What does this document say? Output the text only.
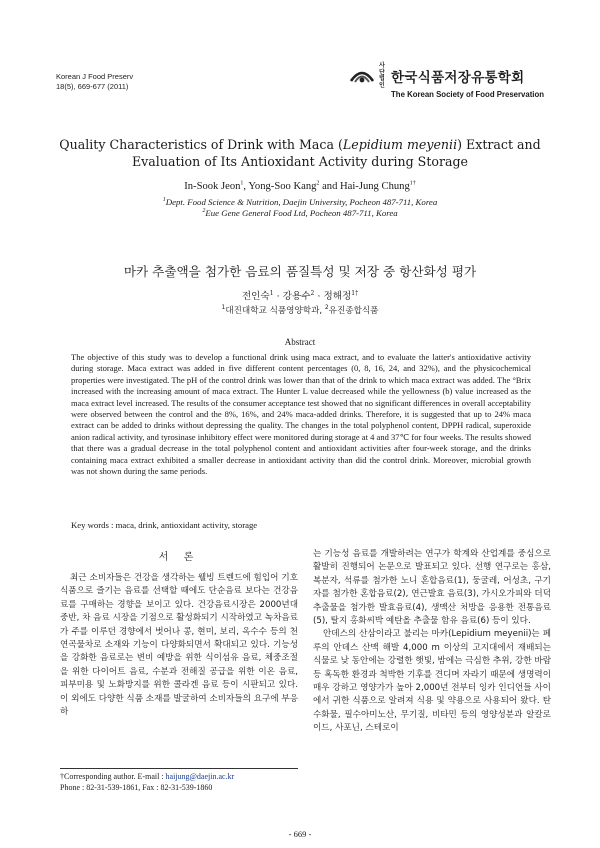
Korean J Food Preserv
18(5), 669-677 (2011)
사단법인
한국식품저장유통학회
The Korean Society of Food Preservation
Quality Characteristics of Drink with Maca (Lepidium meyenii) Extract and
Evaluation of Its Antioxidant Activity during Storage
In-Sook Jeon$^1$, Yong-Soo Kang$^2$ and Hai-Jung Chung$^{1\dagger}$
$^1$Dept. Food Science & Nutrition, Daejin University, Pocheon 487-711, Korea
$^2$Eue Gene General Food Ltd, Pocheon 487-711, Korea
마카 추출액을 첨가한 음료의 품질특성 및 저장 중 항산화성 평가
전인숙$^1$ · 강용수$^2$ · 정해정$^{1\dagger}$
$^1$대진대학교 식품영양학과, $^2$유진종합식품
Abstract
The objective of this study was to develop a functional drink using maca extract, and to evaluate the latter's antioxidative activity during storage. Maca extract was added in five different content percentages (0, 8, 16, 24, and 32%), and the physicochemical properties were investigated. The pH of the control drink was lower than that of the drink to which maca extract was added. The °Brix increased with the increasing amount of maca extract. The Hunter L value decreased while the yellowness (b) value increased as the maca extract level increased. The results of the consumer acceptance test showed that no significant differences in overall acceptability were observed between the control and the 8%, 16%, and 24% maca-added drinks. Therefore, it is suggested that up to 24% maca extract can be added to drinks without depressing the quality. The changes in the total polyphenol content, DPPH radical, superoxide anion radical activity, and tyrosinase inhibitory effect were monitored during storage at 4 and 37℃ for four weeks. The results showed that there was a gradual decrease in the total polyphenol content and antioxidant activities after four-week storage, and the drinks containing maca extract exhibited a smaller decrease in antioxidant activity than did the control drink. Moreover, microbial growth was not shown during the same periods.
Key words : maca, drink, antioxidant activity, storage
서 론

최근 소비자들은 건강을 생각하는 웰빙 트렌드에 힘입어 기호 식품으로 즐기는 음료를 선택할 때에도 단순음료 보다는 건강음료를 구매하는 경향을 보이고 있다. 건강음료시장은 2000년대 중반, 차 음료 시장을 기점으로 활성화되기 시작하였고 녹차음료가 주를 이루던 경향에서 벗어나 콩, 현미, 보리, 옥수수 등의 천연곡물차로 소재와 기능이 다양화되면서 확대되고 있다. 기능성을 강화한 음료로는 변비 예방을 위한 식이섬유 음료, 체중조절을 위한 다이어트 음료, 수분과 전해질 공급을 위한 이온 음료, 피부미용 및 노화방지를 위한 콜라겐 음료 등이 시판되고 있다. 이 외에도 다양한 식품 소재를 발굴하여 소비자들의 요구에 부응하

는 기능성 음료를 개발하려는 연구가 학계와 산업계를 중심으로 활발히 진행되어 논문으로 발표되고 있다. 선행 연구로는 홍삼, 복분자, 석류를 첨가한 노니 혼합음료(1), 둥굴레, 어성초, 구기자를 첨가한 혼합음료(2), 연근발효 음료(3), 가시오가피와 더덕추출물을 첨가한 발효음료(4), 생맥산 처방을 응용한 전통음료(5), 탈지 홍화씨박 예탄올 추출물 함유 음료(6) 등이 있다.

안데스의 산삼이라고 불리는 마카(Lepidium meyenii)는 페루의 안데스 산맥 해발 4,000 m 이상의 고지대에서 재배되는 식물로 낮 동안에는 강렬한 햇빛, 밤에는 극심한 추위, 강한 바람 등 혹독한 환경과 척박한 기후를 견디며 자라기 때문에 생명력이 매우 강하고 영양가가 높아 2,000년 전부터 잉카 인디언들 사이에서 귀한 식품으로 알려져 식용 및 약용으로 사용되어 왔다. 탄수화물, 필수아미노산, 무기질, 비타민 등의 영양성분과 알칼로이드, 사포닌, 스테로이

†Corresponding author. E-mail : haijung@daejin.ac.kr
Phone : 82-31-539-1861, Fax : 82-31-539-1860
- 669 -
